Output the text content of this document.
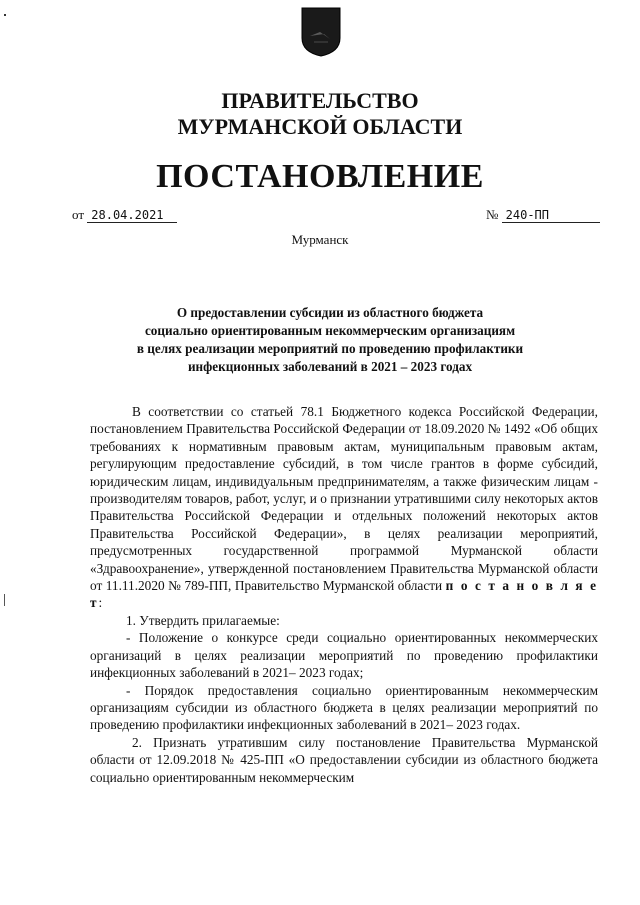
ПРАВИТЕЛЬСТВО
МУРМАНСКОЙ ОБЛАСТИ
ПОСТАНОВЛЕНИЕ
от 28.04.2021	№ 240-ПП
Мурманск
О предоставлении субсидии из областного бюджета
социально ориентированным некоммерческим организациям
в целях реализации мероприятий по проведению профилактики
инфекционных заболеваний в 2021 – 2023 годах

В соответствии со статьей 78.1 Бюджетного кодекса Российской Федерации, постановлением Правительства Российской Федерации от 18.09.2020 № 1492 «Об общих требованиях к нормативным правовым актам, муниципальным правовым актам, регулирующим предоставление субсидий, в том числе грантов в форме субсидий, юридическим лицам, индивидуальным предпринимателям, а также физическим лицам - производителям товаров, работ, услуг, и о признании утратившими силу некоторых актов Правительства Российской Федерации и отдельных положений некоторых актов Правительства Российской Федерации», в целях реализации мероприятий, предусмотренных государственной программой Мурманской области «Здравоохранение», утвержденной постановлением Правительства Мурманской области от 11.11.2020 № 789-ПП, Правительство Мурманской области п о с т а н о в л я е т:

1. Утвердить прилагаемые:

- Положение о конкурсе среди социально ориентированных некоммерческих организаций в целях реализации мероприятий по проведению профилактики инфекционных заболеваний в 2021– 2023 годах;

- Порядок предоставления социально ориентированным некоммерческим организациям субсидии из областного бюджета в целях реализации мероприятий по проведению профилактики инфекционных заболеваний в 2021– 2023 годах.

2. Признать утратившим силу постановление Правительства Мурманской области от 12.09.2018 № 425-ПП «О предоставлении субсидии из областного бюджета социально ориентированным некоммерческим
